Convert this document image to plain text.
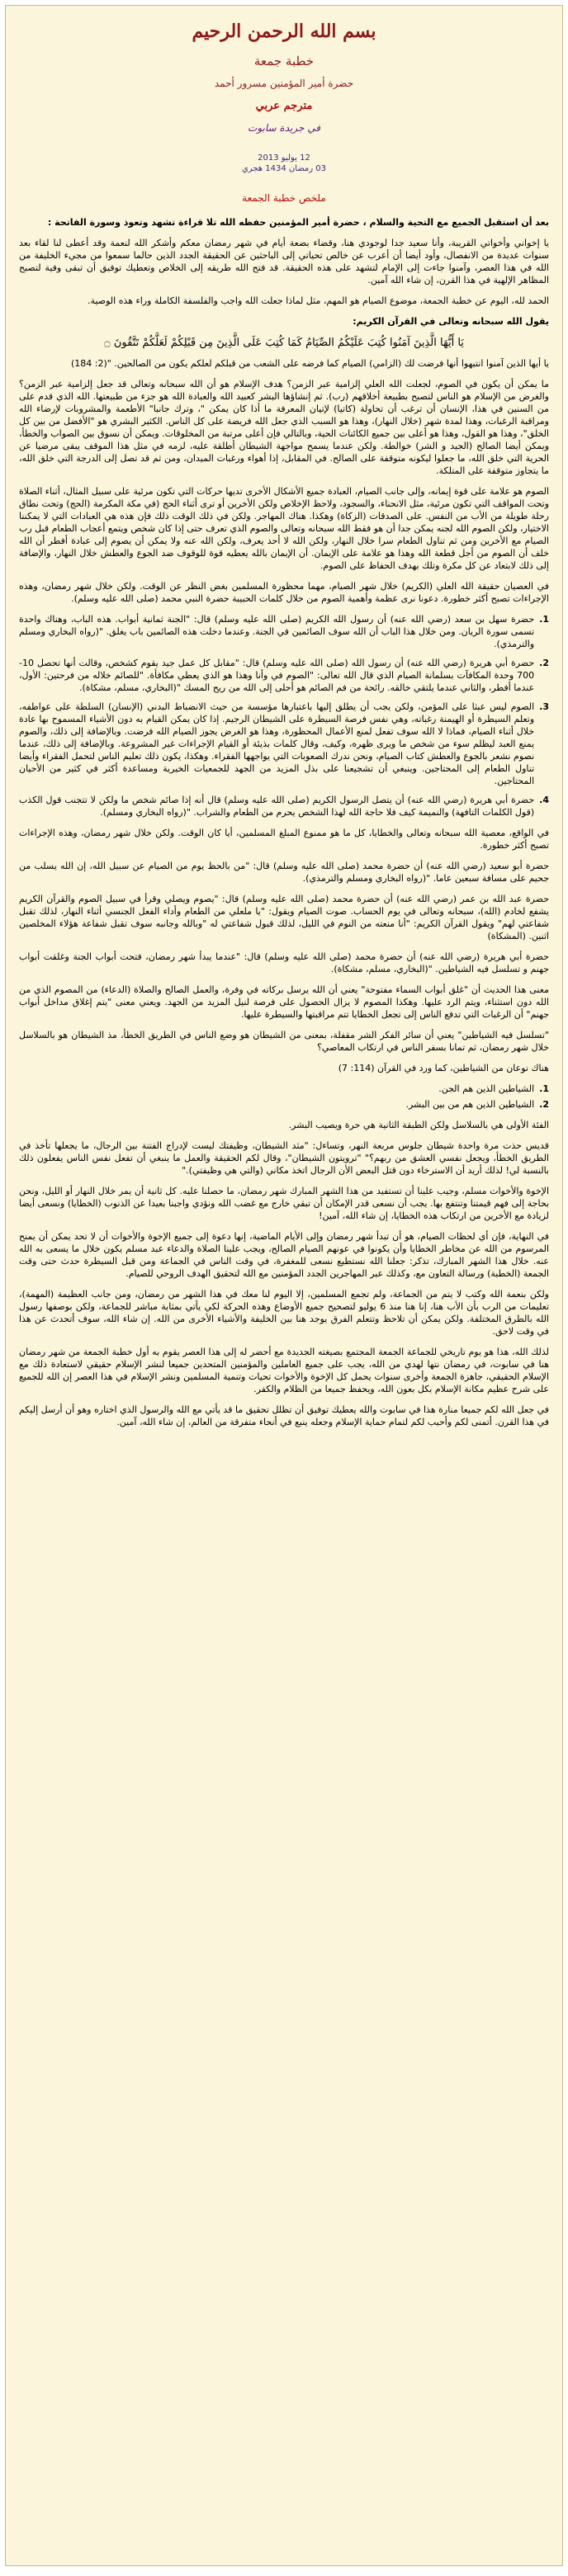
بسم الله الرحمن الرحيم
خطبة جمعة
حضرة أمير المؤمنين مسرور أحمد
مترجم عربي
في جريدة سابوت
12 يوليو 2013
03 رمضان 1434 هجري
ملخص خطبة الجمعة

بعد أن استقبل الجميع مع التحية والسلام ، حضرة أمير المؤمنين حفظه الله تلا قراءة تشهد وتعوذ وسورة الفاتحة :

يا إخواني وأخواتي القريبة، وأنا سعيد جدا لوجودي هنا، وقضاء بضعة أيام في شهر رمضان معكم وأشكر الله لنعمة وقد أعطى لنا لقاء بعد سنوات عديدة من الانفصال، وأود أيضا أن أعرب عن خالص تحياتي إلى الباحثين عن الحقيقة الجدد الذين حالما سمعوا من مجيء الخليفة من الله في هذا العصر، وآمنوا جاءت إلى الإمام لتشهد على هذه الحقيقة. قد فتح الله طريقه إلى الخلاص وتعطيك توفيق أن تبقى وفية لتصبح المظاهر الإلهية في هذا القرن، إن شاء الله آمين.

الحمد لله، اليوم عن خطبة الجمعة، موضوع الصيام هو المهم، مثل لماذا جعلت الله واجب والفلسفة الكاملة وراء هذه الوصية.

يقول الله سبحانه وتعالى في القرآن الكريم:

يَا أَيُّهَا الَّذِينَ آمَنُوا كُتِبَ عَلَيْكُمُ الصِّيَامُ كَمَا كُتِبَ عَلَى الَّذِينَ مِن قَبْلِكُمْ لَعَلَّكُمْ تَتَّقُونَ ۝

يا أيها الذين آمنوا انتبهوا أنها فرضت لك (الزامي) الصيام كما فرضه على الشعب من قبلكم لعلكم يكون من الصالحين. "(2: 184)

ما يمكن أن يكون في الصوم، لجعلت الله العلي إلزامية عبر الزمن؟ هدف الإسلام هو أن الله سبحانه وتعالى قد جعل إلزامية عبر الزمن؟ والغرض من الإسلام هو الناس لتصبح بطبيعة أخلاقهم (رب). ثم إنشاؤها البشر كعبيد الله والعبادة الله هو جزء من طبيعتها. الله الذي قدم على من السنين في هذا، الإنسان أن ترغب أن تحاولة (كاتيا) لإتيان المعرفة ما أذا كان يمكن "، وترك جانبا" الأطعمة والمشروبات لإرضاء الله ومراقبة الرغبات، وهذا لمدة شهر (خلال النهار)، وهذا هو السبب الذي جعل الله فريضة على كل الناس. الكثير البشري هو "الأفضل من بين كل الخلق"، وهذا هو القول، وهذا هو أعلى بين جميع الكائنات الحية، وبالتالي فإن أعلى مرتبة من المخلوقات. ويمكن أن نسوق بين الصواب والخطأ، ويمكن أيضا الصالح (الجيد و الشر) خوالطة. ولكن عندما يسمح مواجهة الشيطان أطلقة عليه، لزمه في مثل هذا الموقف يبقى مرضيا عن الحرية التي خلق الله، ما جعلوا ليكونه متوقفة على الصالح. في المقابل، إذا أهواء ورغبات الميدان، ومن ثم قد تصل إلى الدرجة التي خلق الله، ما يتجاوز متوقفة على المتلكة.

الصوم هو علامة على قوة إيمانه، وإلى جانب الصيام، العبادة جميع الأشكال الأخرى تديها حركات التي تكون مرئية على سبيل المثال، أثناء الصلاة وتحت المواقف التي تكون مرئية، مثل الانحناء، والسجود، ولاحظ الإخلاص ولكن الأخرين أو ترى أثناء الحج (في مكة المكرمة (الحج) وتحت نطاق رحلة طويلة من الأب من النفس. على الصدقات (الزكاة) وهكذا. هناك المهاجر. ولكن في ذلك الوقت ذلك فإن هذه هي العبادات التي لا يمكننا الاختيار، ولكن الصوم الله لجنه يمكن جدا أن هو فقط الله سبحانه وتعالى والصوم الذي تعرف حتى إذا كان شخص ويتمع أعجاب الطعام قبل رب الصيام مع الأخرين ومن ثم تناول الطعام سرا خلال النهار، ولكن الله لا أحد يعرف، ولكن الله عنه ولا يمكن أن يصوم إلى عبادة أفطر أن الله خلف أن الصوم من أجل قطعة الله وهذا هو علامة على الإيمان. أن الإيمان بالله يعطيه قوة للوقوف ضد الجوع والعطش خلال النهار، والإضافة إلى ذلك لابتعاد عن كل مكرة وتلك بهدف الحفاظ على الصوم.

في العصيان حقيقة الله العلي (الكريم) خلال شهر الصيام، مهما محظورة المسلمين بغض النظر عن الوقت. ولكن خلال شهر رمضان، وهذه الإجراءات تصبح أكثر خطورة. دعونا نرى عظمة وأهمية الصوم من خلال كلمات الحبيبة حضرة النبي محمد (صلى الله عليه وسلم).

1.
حضرة سهل بن سعد (رضي الله عنه) أن رسول الله الكريم (صلى الله عليه وسلم) قال: "الجنة ثمانية أبواب. هذه الباب، وهناك واحدة تسمى سورة الريان. ومن خلال هذا الباب أن الله سوف الصائمين في الجنة. وعندما دخلت هذه الصائمين باب يغلق. "(رواه البخاري ومسلم والترمذي).
2.
حضرة أبي هريرة (رضي الله عنه) أن رسول الله (صلى الله عليه وسلم) قال: "مقابل كل عمل جيد يقوم كشخص، وقالت أنها تحصل 10-700 وحدة المكافآت بسلمانة الصيام الذي قال الله تعالى: "الصوم في وأنا وهذا هو الذي يعطي مكافأة. "للصائم خلاله من فرحتين: الأول، عندما أفطر، والثاني عندما يلتقي خالقه. رائحة من فم الصائم هو أحلى إلى الله من ريح المسك "(البخاري، مسلم، مشكاة).
3.
الصوم ليس عبثا على المؤمن، ولكن يجب أن يطلق إليها باعتبارها مؤسسة من حيث الانضباط البدني (الإنسان) السلطة على عواطفه، وتعلم السيطرة أو الهيمنة رغباته، وهي نفس فرصة السيطرة على الشيطان الرجيم. إذا كان يمكن القيام به دون الأشياء المسموح بها عادة خلال أثناء الصيام، فماذا لا الله سوف تفعل لمنع الأعمال المحظورة، وهذا هو الغرض يجوز الصيام الله فرضت. وبالإضافة إلى ذلك، والصوم يمنع العبد ليظلم سوء من شخص ما ويرى ظهره، وكيف، وقال كلمات بذيئة أو القيام الإجراءات غير المشروعة. وبالإضافة إلى ذلك، عندما نصوم نشعر بالجوع والعطش كتاب الصيام، ونحن ندرك الصعوبات التي يواجهها الفقراء. وهكذا، يكون ذلك تعليم الناس لتحمل الفقراء وأيضا تناول الطعام إلى المحتاجين. وينبغي أن تشجيعنا على بذل المزيد من الجهد للجمعيات الخيرية ومساعدة أكثر في كثير من الأحيان المحتاجين.
4.
حضرة أبي هريرة (رضي الله عنه) أن يتصل الرسول الكريم (صلى الله عليه وسلم) قال أنه إذا صائم شخص ما ولكن لا تتجنب قول الكذب (قول الكلمات التافهة) والنميمة كيف فلا حاجة الله لهذا الشخص يحرم من الطعام والشراب. "(رواه البخاري ومسلم).

في الواقع، معصية الله سبحانه وتعالى والخطايا، كل ما هو ممنوع المبلغ المسلمين، أيا كان الوقت. ولكن خلال شهر رمضان، وهذه الإجراءات تصبح أكثر خطورة.

حضرة أبو سعيد (رضي الله عنه) أن حضرة محمد (صلى الله عليه وسلم) قال: "من بالحظ يوم من الصيام عن سبيل الله، إن الله يسلب من جحيم على مسافة سبعين عاما. "(رواه البخاري ومسلم والترمذي).

حضرة عبد الله بن عمر (رضي الله عنه) أن حضرة محمد (صلى الله عليه وسلم) قال: "يصوم ويصلي وقرأ في سبيل الصوم والقرآن الكريم يشفع لخادم (الله)، سبحانه وتعالى في يوم الحساب. صوت الصيام ويقول: "يا ملعلي من الطعام وأداء الفعل الجنسي أثناء النهار، لذلك تقبل شفاعتي لهم" ويقول القرآن الكريم: "أنا منعته من النوم في الليل، لذلك قبول شفاعتي له "وبالله وجانبه سوف تقبل شفاعة هؤلاء المخلصين اثنين. (المشكاة)

حضرة أبي هريرة (رضي الله عنه) أن حضرة محمد (صلى الله عليه وسلم) قال: "عندما يبدأ شهر رمضان، فتحت أبواب الجنة وغلقت أبواب جهنم و تسلسل فيه الشياطين. "(البخاري، مسلم، مشكاة).

معنى هذا الحديث أن "غلق أبواب السماء مفتوحة" يعني أن الله يرسل بركاته في وفرة، والعمل الصالح والصلاة (الدعاء) من المصوم الذي من الله دون استثناء، ويتم الرد عليها. وهكذا المصوم لا يزال الحصول على فرصة لنيل المزيد من الجهد. ويعني معنى "يتم إغلاق مداخل أبواب جهنم" أن الرغبات التي تدفع الناس إلى تجعل الخطايا تتم مراقبتها والسيطرة عليها.

"تسلسل فيه الشياطين" يعني أن سائر الفكر الشر مقفلة، بمعنى من الشيطان هو وضع الناس في الطريق الخطأ، مذ الشيطان هو بالسلاسل خلال شهر رمضان، ثم تمانا بسفر الناس في ارتكاب المعاصي؟

هناك نوعان من الشياطين، كما ورد في القرآن (114: 7)

1.
الشياطين الذين هم الجن.
2.
الشياطين الذين هم من بين البشر.

الفئة الأولى هي بالسلاسل ولكن الطبقة الثانية هي حرة ويصيب البشر.

قديس حذت مرة واحدة شيطان جلوس مربعة النهر، وتساءل: "مثد الشيطان، وظيفتك ليست لإدراج الفتنة بين الرجال، ما يجعلها تأخذ في الطريق الخطأ، ويجعل نفسي العشق من ربهم؟" "ترويتون الشيطان"، وقال لكم الحقيقة والعمل ما ينبغي أن تفعل نفس الناس يفعلون ذلك بالنسبة لي! لذلك أريد أن الاسترخاء دون قتل البعض الأن الرجال اتخذ مكاني (والتي هي وظيفتي)."

الإخوة والأخوات مسلم، وجيب علينا أن تستفيد من هذا الشهر المبارك شهر رمضان، ما حصلنا عليه. كل ثانية أن يمر خلال النهار أو الليل، ونحن بحاجة إلى فهم قيمتنا وتنتفع بها. يجب أن نسعى قدر الإمكان أن تبقي خارج مع غضب الله ونؤدي واجبنا بعيدا عن الذنوب (الخطايا) ونسعى أيضا لزيادة مع الأخرين من ارتكاب هذه الخطايا، إن شاء الله، آمين!

في النهاية، فإن أي لحظات الصيام، هو أن تبدأ شهر رمضان وإلى الأيام الماضية، إنها دعوة إلى جميع الإخوة والأخوات أن لا تحد يمكن أن يمنح المرسوم من الله عن مخاطر الخطايا وأن يكونوا في عونهم الصيام الصالح، ويجب علينا الصلاة والدعاء عبد مسلم يكون خلال ما يسعى به الله عنه. خلال هذا الشهر المبارك، تذكر: جعلنا الله نستطيع نسعى للمغفرة، في وقت الناس في الجماعة ومن قبل السيطرة حدث حتى وقت الجمعة (الخطبة) ورسالة التعاون مع، وكذلك عبر المهاجرين الجدد المؤمنين مع الله لتحقيق الهدف الروحي للصيام.

ولكن بنعمة الله وكتب لا يتم من الجماعة، ولم تجمع المسلمين، إلا اليوم لنا معك في هذا الشهر من رمضان، ومن جانب العظيمة (المهمة)، تعليمات من الرب بأن الأب هنا، إنا هنا منذ 6 يوليو لتصحيح جميع الأوضاع وهذه الحركة لكي يأتي بمثابة مباشر للجماعة، ولكن بوصفها رسول الله بالطرق المختلفة. ولكن يمكن أن تلاحظ وتتعلم الفرق يوجد هنا بين الخليفة والأشياء الأخرى من الله. إن شاء الله، سوف أتحدث عن هذا في وقت لاحق.

لذلك الله، هذا هو يوم تاريخي للجماعة الجمعة المجتمع بصيغته الجديدة مع أحضر له إلى هذا العصر يقوم به أول خطبة الجمعة من شهر رمضان هنا في سابوت، في رمضان نتها لهدي من الله، يجب على جميع العاملين والمؤمنين المتحدين جميعا لنشر الإسلام حقيقي لاستعادة ذلك مع الإسلام الحقيقي، جاهزة الجمعة وأخرى سنوات يحمل كل الإخوة والأخوات تحيات وتنمية المسلمين ونشر الإسلام في هذا العصر إن الله للجميع على شرح عظيم مكانة الإسلام بكل بعون الله، ويحفظ جميعا من الظلام والكفر.

في جعل الله لكم جميعا منارة هذا في سابوت والله يعطيك توفيق أن تظلل تحقيق ما قد يأتي مع الله والرسول الذي اختاره وهو أن أرسل إليكم في هذا القرن. أتمنى لكم وأحبب لكم لتمام حماية الإسلام وجعله ينبع في أنحاء متفرقة من العالم، إن شاء الله، آمين.
